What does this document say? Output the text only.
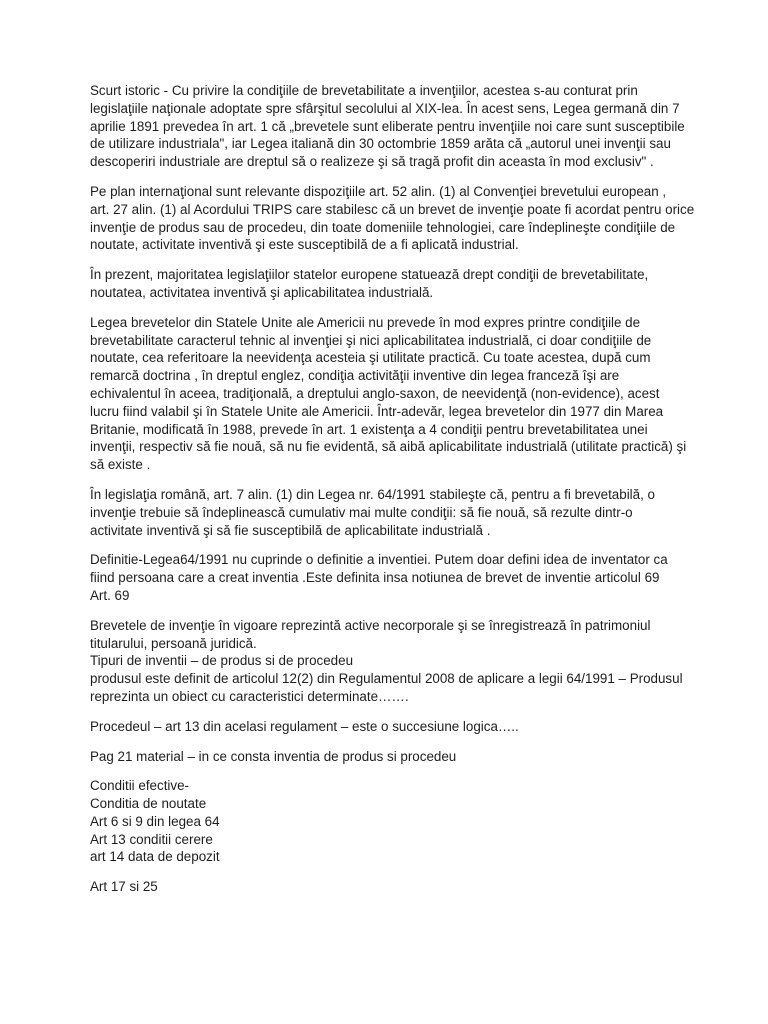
Scurt istoric - Cu privire la condiţiile de brevetabilitate a invenţiilor, acestea s-au conturat prin
legislaţiile naţionale adoptate spre sfârşitul secolului al XIX-lea. În acest sens, Legea germană din 7
aprilie 1891 prevedea în art. 1 că „brevetele sunt eliberate pentru invenţiile noi care sunt susceptibile
de utilizare industriala", iar Legea italiană din 30 octombrie 1859 arăta că „autorul unei invenţii sau
descoperiri industriale are dreptul să o realizeze şi să tragă profit din aceasta în mod exclusiv" .

Pe plan internaţional sunt relevante dispoziţiile art. 52 alin. (1) al Convenţiei brevetului european ,
art. 27 alin. (1) al Acordului TRIPS care stabilesc că un brevet de invenţie poate fi acordat pentru orice
invenţie de produs sau de procedeu, din toate domeniile tehnologiei, care îndeplineşte condiţiile de
noutate, activitate inventivă şi este susceptibilă de a fi aplicată industrial.

În prezent, majoritatea legislaţiilor statelor europene statuează drept condiţii de brevetabilitate,
noutatea, activitatea inventivă şi aplicabilitatea industrială.

Legea brevetelor din Statele Unite ale Americii nu prevede în mod expres printre condiţiile de
brevetabilitate caracterul tehnic al invenţiei şi nici aplicabilitatea industrială, ci doar condiţiile de
noutate, cea referitoare la neevidenţa acesteia şi utilitate practică. Cu toate acestea, după cum
remarcă doctrina , în dreptul englez, condiţia activităţii inventive din legea franceză îşi are
echivalentul în aceea, tradiţională, a dreptului anglo-saxon, de neevidenţă (non-evidence), acest
lucru fiind valabil şi în Statele Unite ale Americii. Într-adevăr, legea brevetelor din 1977 din Marea
Britanie, modificată în 1988, prevede în art. 1 existenţa a 4 condiţii pentru brevetabilitatea unei
invenţii, respectiv să fie nouă, să nu fie evidentă, să aibă aplicabilitate industrială (utilitate practică) şi
să existe .

În legislaţia română, art. 7 alin. (1) din Legea nr. 64/1991 stabileşte că, pentru a fi brevetabilă, o
invenţie trebuie să îndeplinească cumulativ mai multe condiţii: să fie nouă, să rezulte dintr-o
activitate inventivă şi să fie susceptibilă de aplicabilitate industrială .

Definitie-Legea64/1991 nu cuprinde o definitie a inventiei. Putem doar defini idea de inventator ca
fiind persoana care a creat inventia .Este definita insa notiunea de brevet de inventie articolul 69
Art. 69

Brevetele de invenţie în vigoare reprezintă active necorporale şi se înregistrează în patrimoniul
titularului, persoană juridică.
Tipuri de inventii – de produs si de procedeu
produsul este definit de articolul 12(2) din Regulamentul 2008 de aplicare a legii 64/1991 – Produsul
reprezinta un obiect cu caracteristici determinate…….

Procedeul – art 13 din acelasi regulament – este o succesiune logica…..

Pag 21 material – in ce consta inventia de produs si procedeu

Conditii efective-
Conditia de noutate
Art 6 si 9 din legea 64
Art 13 conditii cerere
art 14 data de depozit

Art 17 si 25
